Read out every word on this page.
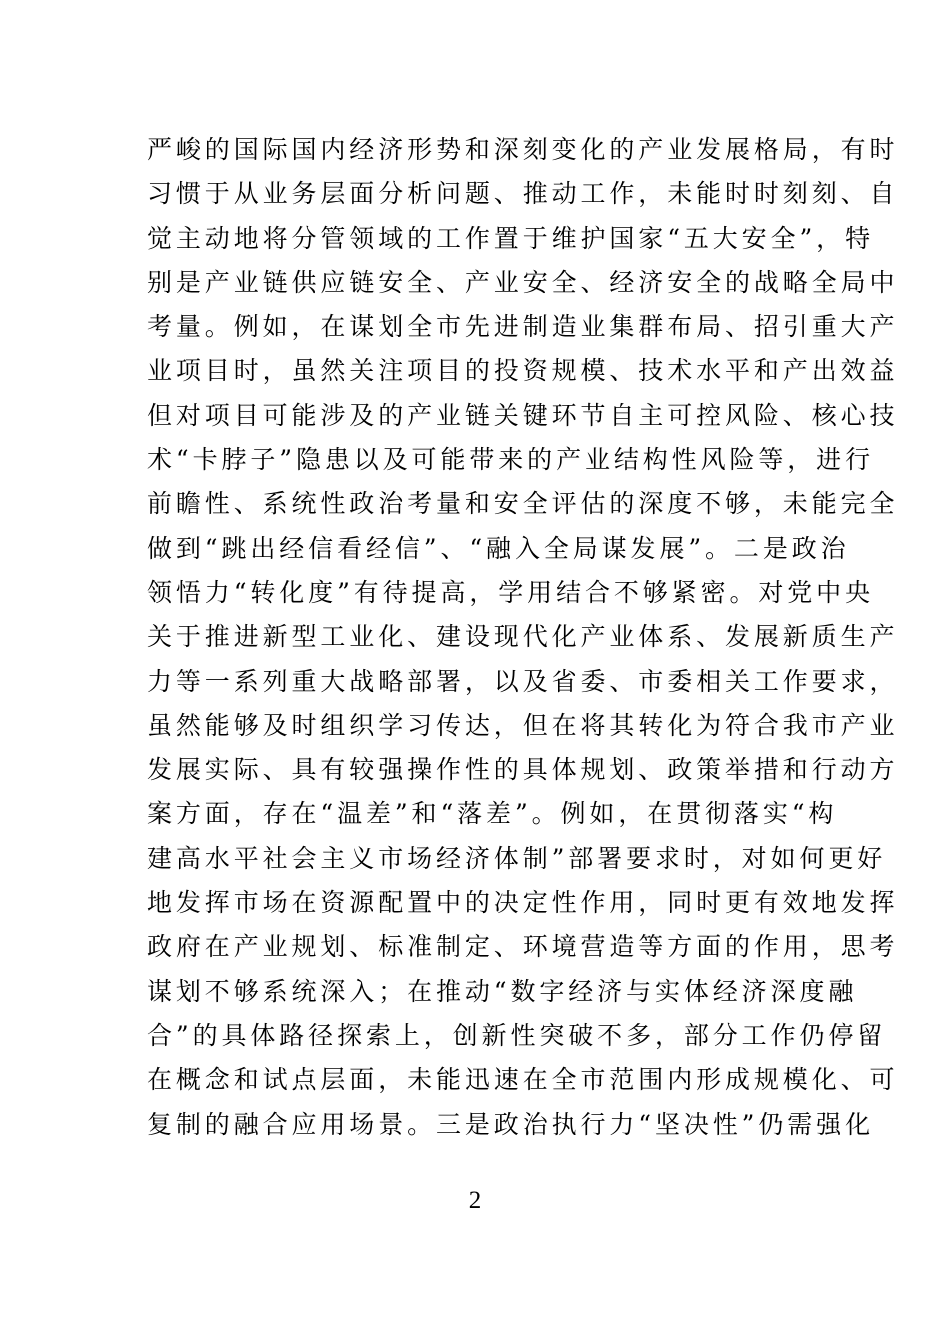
严峻的国际国内经济形势和深刻变化的产业发展格局，有时
习惯于从业务层面分析问题、推动工作，未能时时刻刻、自
觉主动地将分管领域的工作置于维护国家“五大安全”，特
别是产业链供应链安全、产业安全、经济安全的战略全局中
考量。例如，在谋划全市先进制造业集群布局、招引重大产
业项目时，虽然关注项目的投资规模、技术水平和产出效益
但对项目可能涉及的产业链关键环节自主可控风险、核心技
术“卡脖子”隐患以及可能带来的产业结构性风险等，进行
前瞻性、系统性政治考量和安全评估的深度不够，未能完全
做到“跳出经信看经信”、“融入全局谋发展”。二是政治
领悟力“转化度”有待提高，学用结合不够紧密。对党中央
关于推进新型工业化、建设现代化产业体系、发展新质生产
力等一系列重大战略部署，以及省委、市委相关工作要求，
虽然能够及时组织学习传达，但在将其转化为符合我市产业
发展实际、具有较强操作性的具体规划、政策举措和行动方
案方面，存在“温差”和“落差”。例如，在贯彻落实“构
建高水平社会主义市场经济体制”部署要求时，对如何更好
地发挥市场在资源配置中的决定性作用，同时更有效地发挥
政府在产业规划、标准制定、环境营造等方面的作用，思考
谋划不够系统深入；在推动“数字经济与实体经济深度融
合”的具体路径探索上，创新性突破不多，部分工作仍停留
在概念和试点层面，未能迅速在全市范围内形成规模化、可
复制的融合应用场景。三是政治执行力“坚决性”仍需强化
2
